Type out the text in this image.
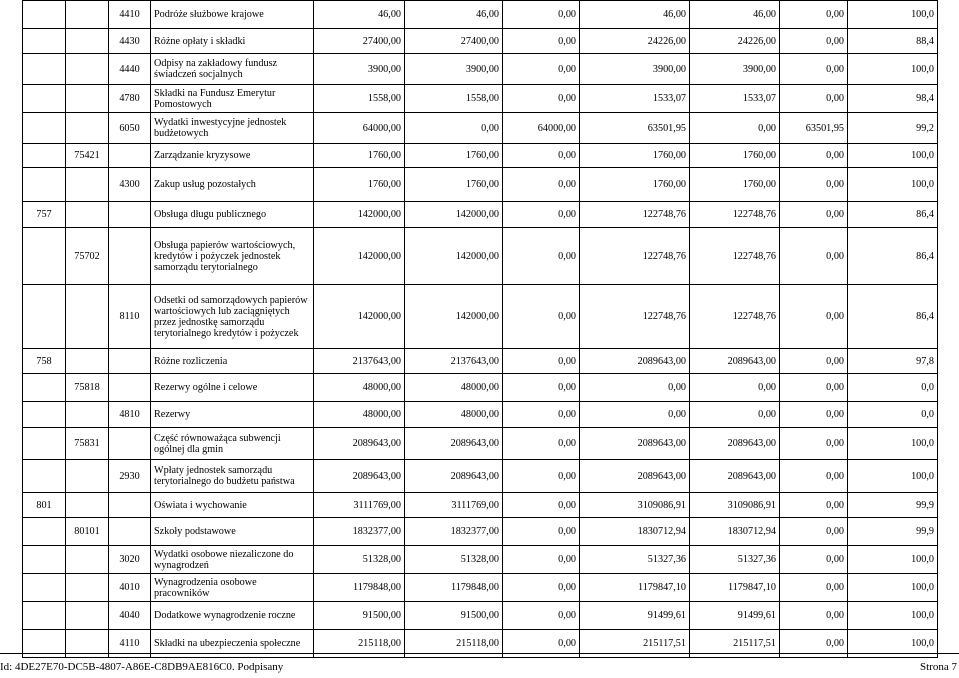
		4410	Podróże służbowe krajowe	46,00	46,00	0,00	46,00	46,00	0,00	100,0
		4430	Różne opłaty i składki	27400,00	27400,00	0,00	24226,00	24226,00	0,00	88,4
		4440	Odpisy na zakładowy fundusz świadczeń socjalnych	3900,00	3900,00	0,00	3900,00	3900,00	0,00	100,0
		4780	Składki na Fundusz Emerytur Pomostowych	1558,00	1558,00	0,00	1533,07	1533,07	0,00	98,4
		6050	Wydatki inwestycyjne jednostek budżetowych	64000,00	0,00	64000,00	63501,95	0,00	63501,95	99,2
	75421		Zarządzanie kryzysowe	1760,00	1760,00	0,00	1760,00	1760,00	0,00	100,0
		4300	Zakup usług pozostałych	1760,00	1760,00	0,00	1760,00	1760,00	0,00	100,0
757			Obsługa długu publicznego	142000,00	142000,00	0,00	122748,76	122748,76	0,00	86,4
	75702		Obsługa papierów wartościowych, kredytów i pożyczek jednostek samorządu terytorialnego	142000,00	142000,00	0,00	122748,76	122748,76	0,00	86,4
		8110	Odsetki od samorządowych papierów wartościowych lub zaciągniętych przez jednostkę samorządu terytorialnego kredytów i pożyczek	142000,00	142000,00	0,00	122748,76	122748,76	0,00	86,4
758			Różne rozliczenia	2137643,00	2137643,00	0,00	2089643,00	2089643,00	0,00	97,8
	75818		Rezerwy ogólne i celowe	48000,00	48000,00	0,00	0,00	0,00	0,00	0,0
		4810	Rezerwy	48000,00	48000,00	0,00	0,00	0,00	0,00	0,0
	75831		Część równoważąca subwencji ogólnej dla gmin	2089643,00	2089643,00	0,00	2089643,00	2089643,00	0,00	100,0
		2930	Wpłaty jednostek samorządu terytorialnego do budżetu państwa	2089643,00	2089643,00	0,00	2089643,00	2089643,00	0,00	100,0
801			Oświata i wychowanie	3111769,00	3111769,00	0,00	3109086,91	3109086,91	0,00	99,9
	80101		Szkoły podstawowe	1832377,00	1832377,00	0,00	1830712,94	1830712,94	0,00	99,9
		3020	Wydatki osobowe niezaliczone do wynagrodzeń	51328,00	51328,00	0,00	51327,36	51327,36	0,00	100,0
		4010	Wynagrodzenia osobowe pracowników	1179848,00	1179848,00	0,00	1179847,10	1179847,10	0,00	100,0
		4040	Dodatkowe wynagrodzenie roczne	91500,00	91500,00	0,00	91499,61	91499,61	0,00	100,0
		4110	Składki na ubezpieczenia społeczne	215118,00	215118,00	0,00	215117,51	215117,51	0,00	100,0
Id: 4DE27E70-DC5B-4807-A86E-C8DB9AE816C0. Podpisany	Strona 7
